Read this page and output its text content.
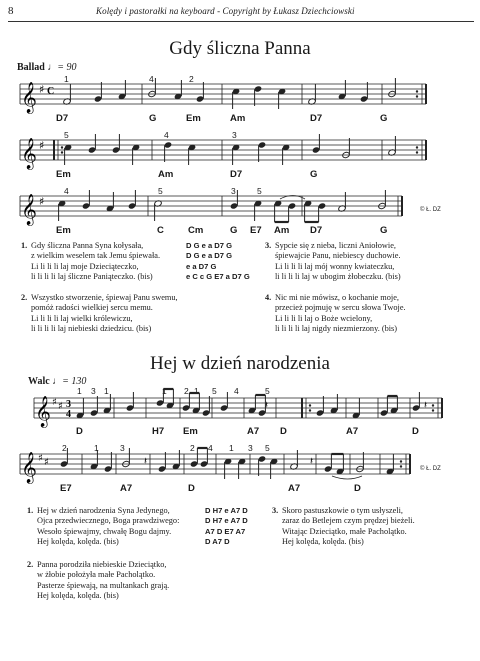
8	Kolędy i pastorałki na keyboard - Copyright by Łukasz Dziechciowski
Gdy śliczna Panna
Ballad ♩= 90
1	4	2
𝄞 ♯ C
D7	G	Em	Am	D7	G
5	4	3
𝄞 ♯
Em	Am	D7	G
4	5	3	5
𝄞 ♯
Em	C	Cm	G E7 Am D7	G
© Ł. DZ
1. Gdy śliczna Panna Syna kołysała,
z wielkim weselem tak Jemu śpiewała.
Li li li li laj moje Dzieciąteczko,
li li li li laj śliczne Paniąteczko. (bis)
D G e a D7 G
D G e a D7 G
e a D7 G
e C c G E7 a D7 G
2. Wszystko stworzenie, śpiewaj Panu swemu,
pomóż radości wielkiej sercu memu.
Li li li li laj wielki królewiczu,
li li li li laj niebieski dziedzicu. (bis)
3. Sypcie się z nieba, liczni Aniołowie,
śpiewajcie Panu, niebiescy duchowie.
Li li li li laj mój wonny kwiateczku,
li li li li laj w ubogim żłobeczku. (bis)
4. Nic mi nie mówisz, o kochanie moje,
przecież pojmuję w sercu słowa Twoje.
Li li li li laj o Boże wcielony,
li li li li laj nigdy niezmierzony. (bis)
Hej w dzień narodzenia
Walc ♩= 130
1 3 1	1 2 1 5 4	5
𝄞 ♯ ♯ 3
4
𝄽	𝄽
D	H7 Em	A7 D	A7	D
2	1	3	2 4 1 3 5
𝄞 ♯ ♯	𝄽	𝄽
E7	A7	D	A7	D
© Ł. DZ
1. Hej w dzień narodzenia Syna Jedynego,
Ojca przedwiecznego, Boga prawdziwego:
Wesoło śpiewajmy, chwałę Bogu dajmy.
Hej kolęda, kolęda. (bis)
D H7 e A7 D
D H7 e A7 D
A7 D E7 A7
D A7 D
2. Panna porodziła niebieskie Dzieciątko,
w żłobie położyła małe Pacholątko.
Pasterze śpiewają, na multankach grają.
Hej kolęda, kolęda. (bis)
3. Skoro pastuszkowie o tym usłyszeli,
zaraz do Betlejem czym prędzej bieżeli.
Witając Dzieciątko, małe Pacholątko.
Hej kolęda, kolęda. (bis)
